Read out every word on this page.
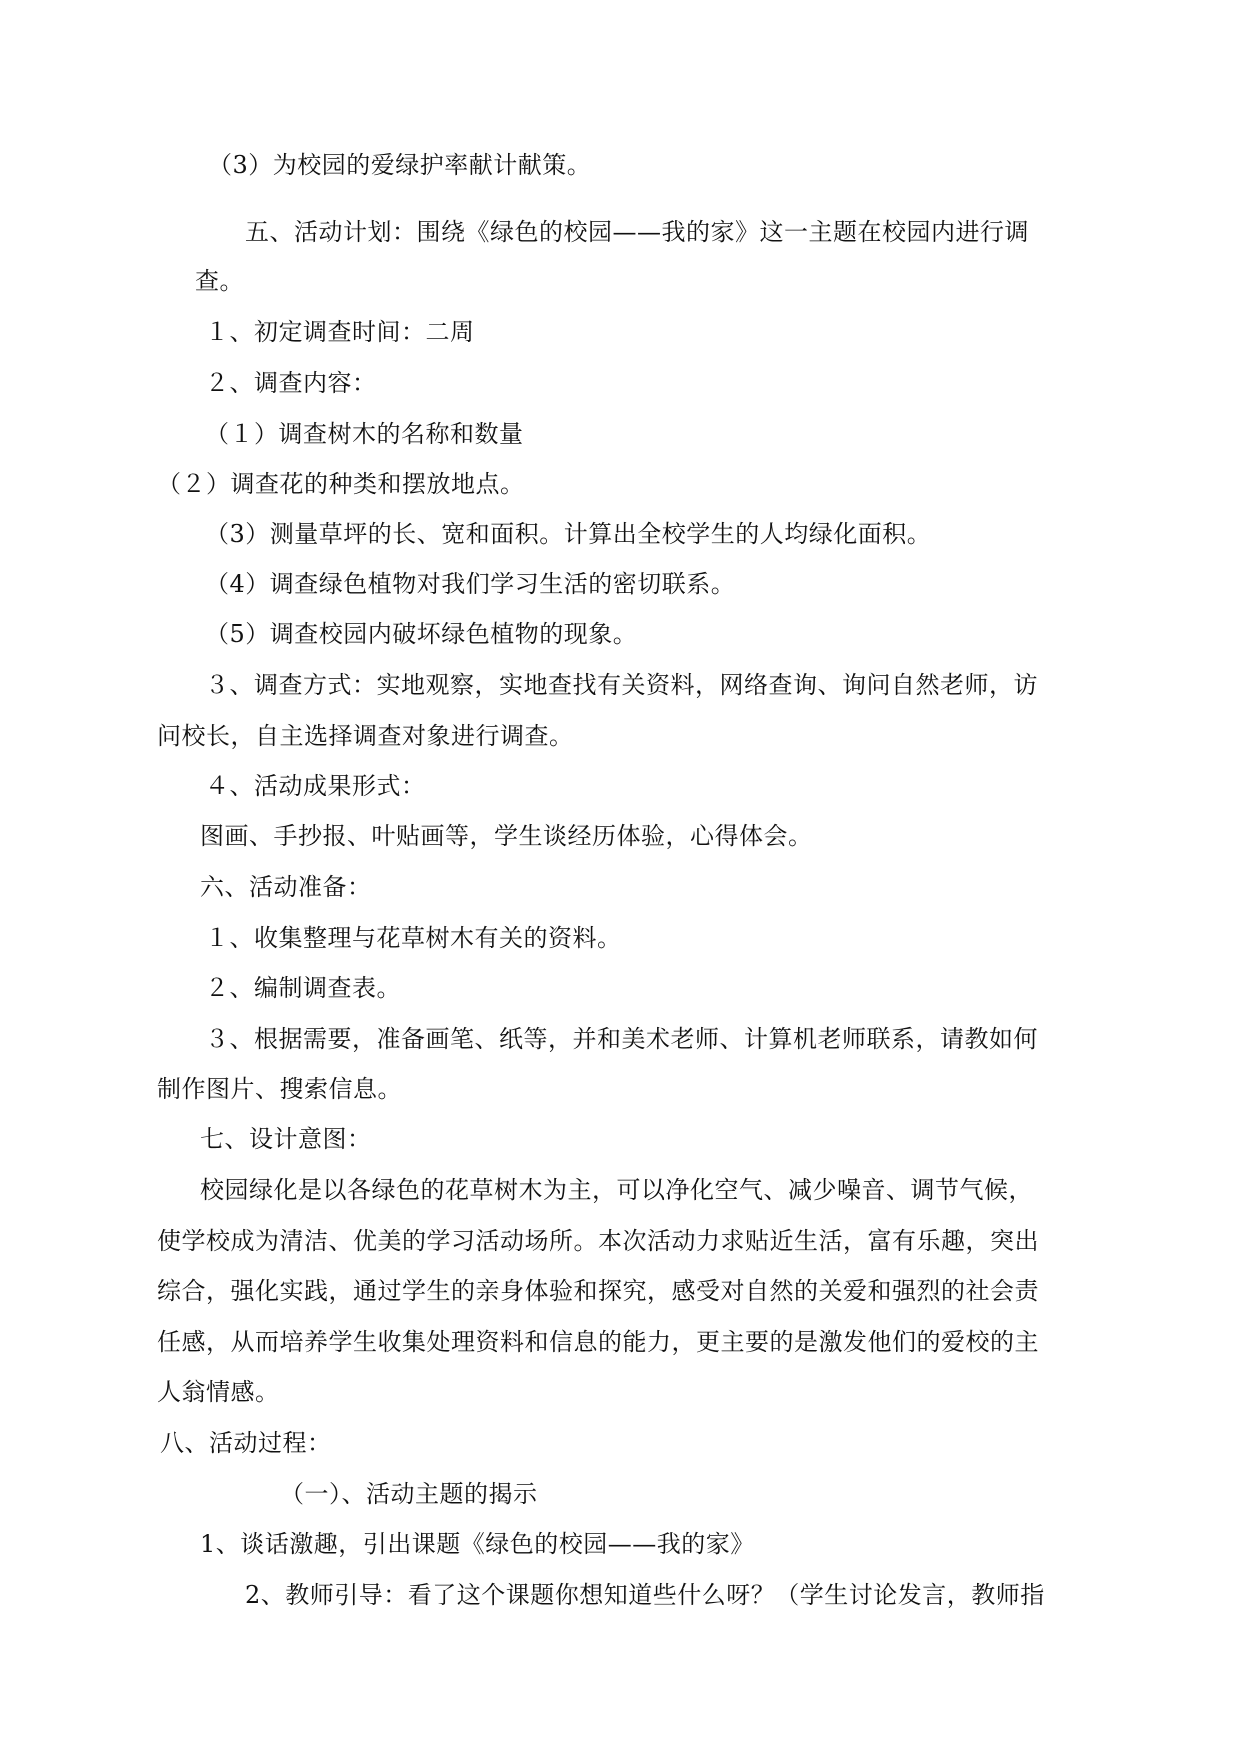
（3）为校园的爱绿护率献计献策。
五、活动计划：围绕《绿色的校园——我的家》这一主题在校园内进行调
查。
１、初定调查时间：二周
２、调查内容：
（１）调查树木的名称和数量
（２）调查花的种类和摆放地点。
（3）测量草坪的长、宽和面积。计算出全校学生的人均绿化面积。
（4）调查绿色植物对我们学习生活的密切联系。
（5）调查校园内破坏绿色植物的现象。
３、调查方式：实地观察，实地查找有关资料，网络查询、询问自然老师，访
问校长，自主选择调查对象进行调查。
４、活动成果形式：
图画、手抄报、叶贴画等，学生谈经历体验，心得体会。
六、活动准备：
１、收集整理与花草树木有关的资料。
２、编制调查表。
３、根据需要，准备画笔、纸等，并和美术老师、计算机老师联系，请教如何
制作图片、搜索信息。
七、设计意图：
校园绿化是以各绿色的花草树木为主，可以净化空气、减少噪音、调节气候，
使学校成为清洁、优美的学习活动场所。本次活动力求贴近生活，富有乐趣，突出
综合，强化实践，通过学生的亲身体验和探究，感受对自然的关爱和强烈的社会责
任感，从而培养学生收集处理资料和信息的能力，更主要的是激发他们的爱校的主
人翁情感。
八、活动过程：
（一）、活动主题的揭示
1、谈话激趣，引出课题《绿色的校园——我的家》
2、教师引导：看了这个课题你想知道些什么呀？（学生讨论发言，教师指
